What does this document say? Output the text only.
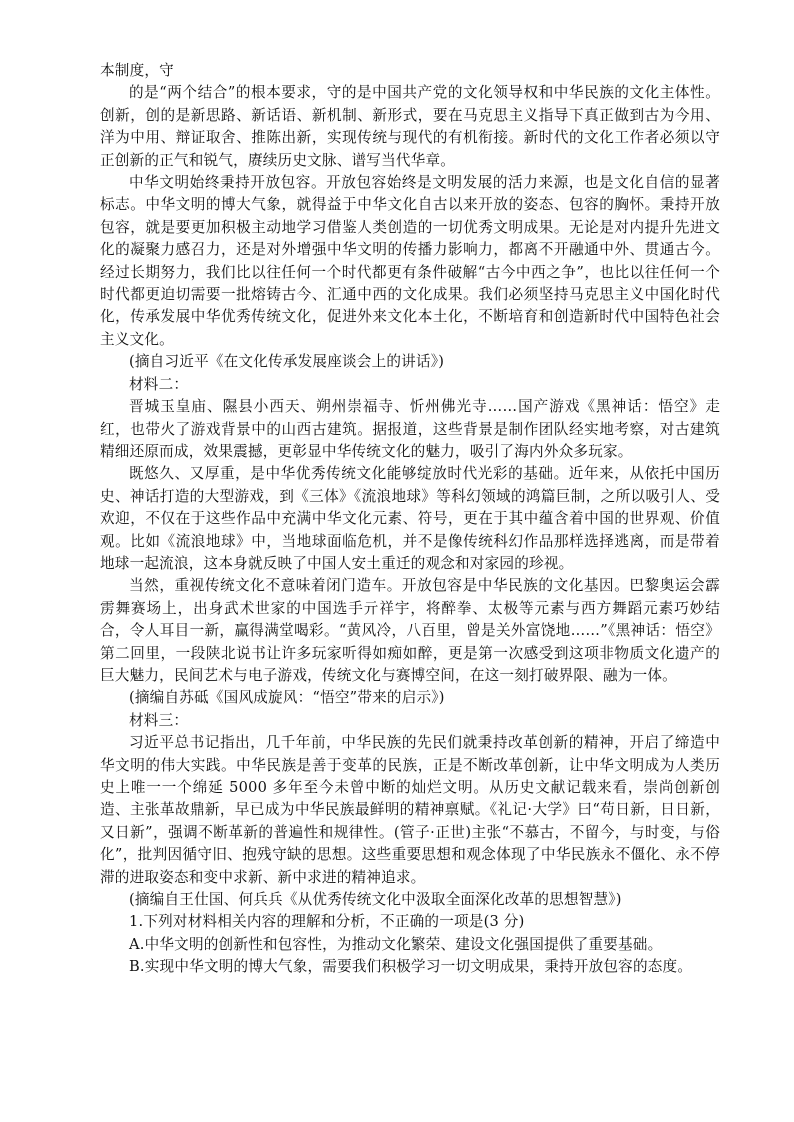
本制度，守

的是“两个结合”的根本要求，守的是中国共产党的文化领导权和中华民族的文化主体性。创新，创的是新思路、新话语、新机制、新形式，要在马克思主义指导下真正做到古为今用、洋为中用、辩证取舍、推陈出新，实现传统与现代的有机衔接。新时代的文化工作者必须以守正创新的正气和锐气，赓续历史文脉、谱写当代华章。

中华文明始终秉持开放包容。开放包容始终是文明发展的活力来源，也是文化自信的显著标志。中华文明的博大气象，就得益于中华文化自古以来开放的姿态、包容的胸怀。秉持开放包容，就是要更加积极主动地学习借鉴人类创造的一切优秀文明成果。无论是对内提升先进文化的凝聚力感召力，还是对外增强中华文明的传播力影响力，都离不开融通中外、贯通古今。经过长期努力，我们比以往任何一个时代都更有条件破解“古今中西之争”，也比以往任何一个时代都更迫切需要一批熔铸古今、汇通中西的文化成果。我们必须坚持马克思主义中国化时代化，传承发展中华优秀传统文化，促进外来文化本土化，不断培育和创造新时代中国特色社会主义文化。

(摘自习近平《在文化传承发展座谈会上的讲话》)

材料二：

晋城玉皇庙、隰县小西天、朔州崇福寺、忻州佛光寺……国产游戏《黑神话：悟空》走红，也带火了游戏背景中的山西古建筑。据报道，这些背景是制作团队经实地考察，对古建筑精细还原而成，效果震撼，更彰显中华传统文化的魅力，吸引了海内外众多玩家。

既悠久、又厚重，是中华优秀传统文化能够绽放时代光彩的基础。近年来，从依托中国历史、神话打造的大型游戏，到《三体》《流浪地球》等科幻领域的鸿篇巨制，之所以吸引人、受欢迎，不仅在于这些作品中充满中华文化元素、符号，更在于其中蕴含着中国的世界观、价值观。比如《流浪地球》中，当地球面临危机，并不是像传统科幻作品那样选择逃离，而是带着地球一起流浪，这本身就反映了中国人安土重迁的观念和对家园的珍视。

当然，重视传统文化不意味着闭门造车。开放包容是中华民族的文化基因。巴黎奥运会霹雳舞赛场上，出身武术世家的中国选手亓祥宇，将醉拳、太极等元素与西方舞蹈元素巧妙结合，令人耳目一新，赢得满堂喝彩。“黄风冷，八百里，曾是关外富饶地……”《黑神话：悟空》第二回里，一段陕北说书让许多玩家听得如痴如醉，更是第一次感受到这项非物质文化遗产的巨大魅力，民间艺术与电子游戏，传统文化与赛博空间，在这一刻打破界限、融为一体。

(摘编自苏砥《国风成旋风：“悟空”带来的启示》)

材料三：

习近平总书记指出，几千年前，中华民族的先民们就秉持改革创新的精神，开启了缔造中华文明的伟大实践。中华民族是善于变革的民族，正是不断改革创新，让中华文明成为人类历史上唯一一个绵延 5000 多年至今未曾中断的灿烂文明。从历史文献记载来看，崇尚创新创造、主张革故鼎新，早已成为中华民族最鲜明的精神禀赋。《礼记·大学》曰“苟日新，日日新，又日新”，强调不断革新的普遍性和规律性。(管子·正世)主张“不慕古，不留今，与时变，与俗化”，批判因循守旧、抱残守缺的思想。这些重要思想和观念体现了中华民族永不僵化、永不停滞的进取姿态和变中求新、新中求进的精神追求。

(摘编自王仕国、何兵兵《从优秀传统文化中汲取全面深化改革的思想智慧》)

1.下列对材料相关内容的理解和分析，不正确的一项是(3 分)

A.中华文明的创新性和包容性，为推动文化繁荣、建设文化强国提供了重要基础。

B.实现中华文明的博大气象，需要我们积极学习一切文明成果，秉持开放包容的态度。
